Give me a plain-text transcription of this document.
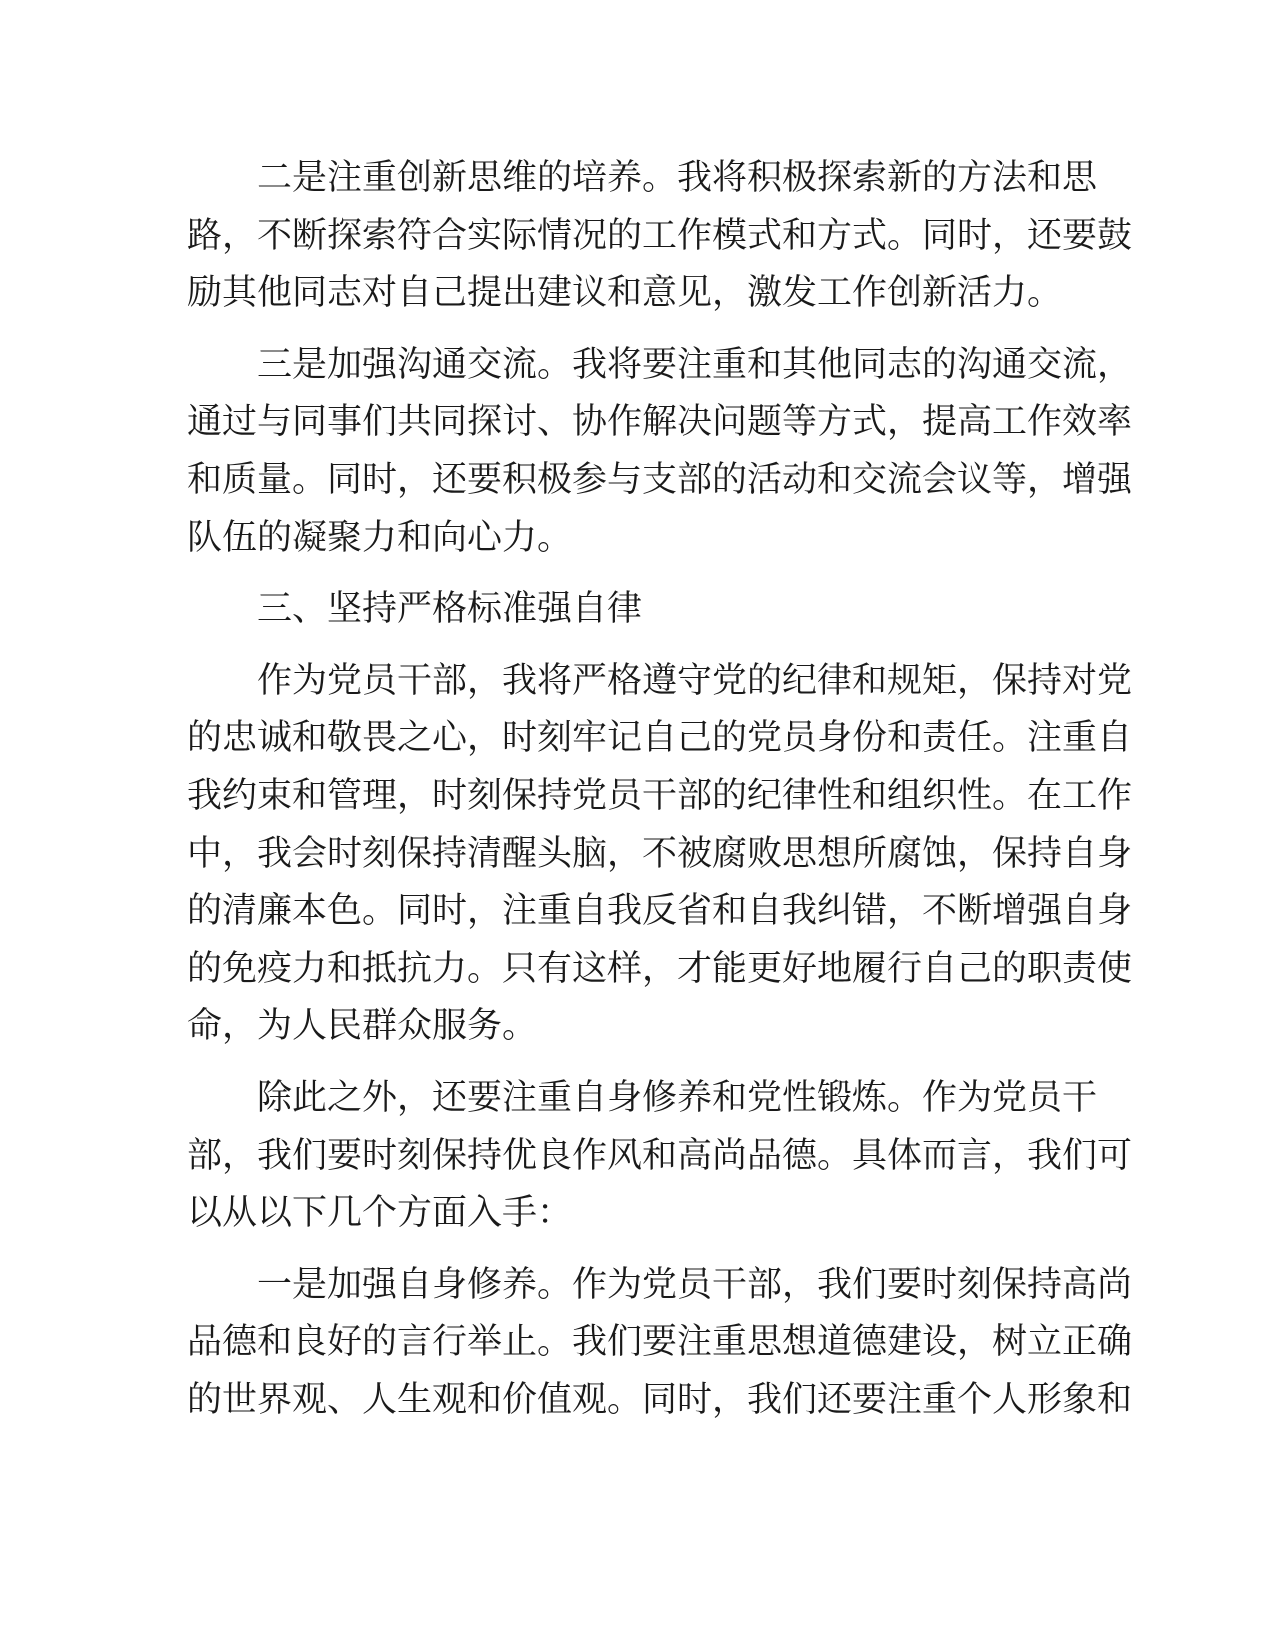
二是注重创新思维的培养。我将积极探索新的方法和思
路，不断探索符合实际情况的工作模式和方式。同时，还要鼓
励其他同志对自己提出建议和意见，激发工作创新活力。
三是加强沟通交流。我将要注重和其他同志的沟通交流，
通过与同事们共同探讨、协作解决问题等方式，提高工作效率
和质量。同时，还要积极参与支部的活动和交流会议等，增强
队伍的凝聚力和向心力。
三、坚持严格标准强自律
作为党员干部，我将严格遵守党的纪律和规矩，保持对党
的忠诚和敬畏之心，时刻牢记自己的党员身份和责任。注重自
我约束和管理，时刻保持党员干部的纪律性和组织性。在工作
中，我会时刻保持清醒头脑，不被腐败思想所腐蚀，保持自身
的清廉本色。同时，注重自我反省和自我纠错，不断增强自身
的免疫力和抵抗力。只有这样，才能更好地履行自己的职责使
命，为人民群众服务。
除此之外，还要注重自身修养和党性锻炼。作为党员干
部，我们要时刻保持优良作风和高尚品德。具体而言，我们可
以从以下几个方面入手：
一是加强自身修养。作为党员干部，我们要时刻保持高尚
品德和良好的言行举止。我们要注重思想道德建设，树立正确
的世界观、人生观和价值观。同时，我们还要注重个人形象和
